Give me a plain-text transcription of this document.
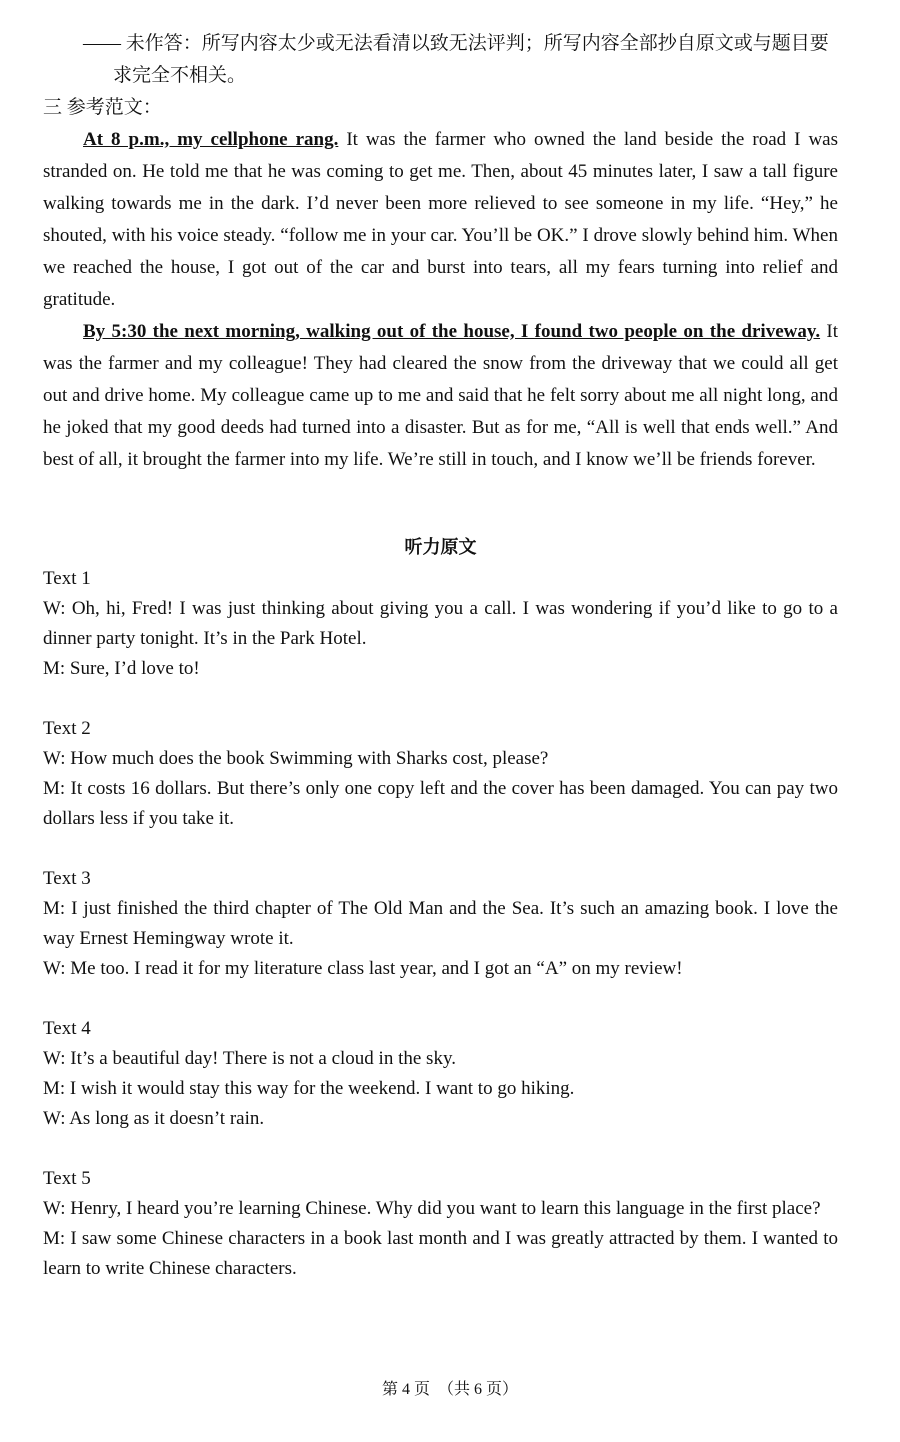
—— 未作答：所写内容太少或无法看清以致无法评判；所写内容全部抄自原文或与题目要求完全不相关。

三 参考范文：

At 8 p.m., my cellphone rang. It was the farmer who owned the land beside the road I was stranded on. He told me that he was coming to get me. Then, about 45 minutes later, I saw a tall figure walking towards me in the dark. I’d never been more relieved to see someone in my life. “Hey,” he shouted, with his voice steady. “follow me in your car. You’ll be OK.” I drove slowly behind him. When we reached the house, I got out of the car and burst into tears, all my fears turning into relief and gratitude.

By 5:30 the next morning, walking out of the house, I found two people on the driveway. It was the farmer and my colleague! They had cleared the snow from the driveway that we could all get out and drive home. My colleague came up to me and said that he felt sorry about me all night long, and he joked that my good deeds had turned into a disaster. But as for me, “All is well that ends well.” And best of all, it brought the farmer into my life. We’re still in touch, and I know we’ll be friends forever.

听力原文

Text 1

W: Oh, hi, Fred! I was just thinking about giving you a call. I was wondering if you’d like to go to a dinner party tonight. It’s in the Park Hotel.

M: Sure, I’d love to!

Text 2

W: How much does the book Swimming with Sharks cost, please?

M: It costs 16 dollars. But there’s only one copy left and the cover has been damaged. You can pay two dollars less if you take it.

Text 3

M: I just finished the third chapter of The Old Man and the Sea. It’s such an amazing book. I love the way Ernest Hemingway wrote it.

W: Me too. I read it for my literature class last year, and I got an “A” on my review!

Text 4

W: It’s a beautiful day! There is not a cloud in the sky.

M: I wish it would stay this way for the weekend. I want to go hiking.

W: As long as it doesn’t rain.

Text 5

W: Henry, I heard you’re learning Chinese. Why did you want to learn this language in the first place?

M: I saw some Chinese characters in a book last month and I was greatly attracted by them. I wanted to learn to write Chinese characters.

第 4 页　（共 6 页）
